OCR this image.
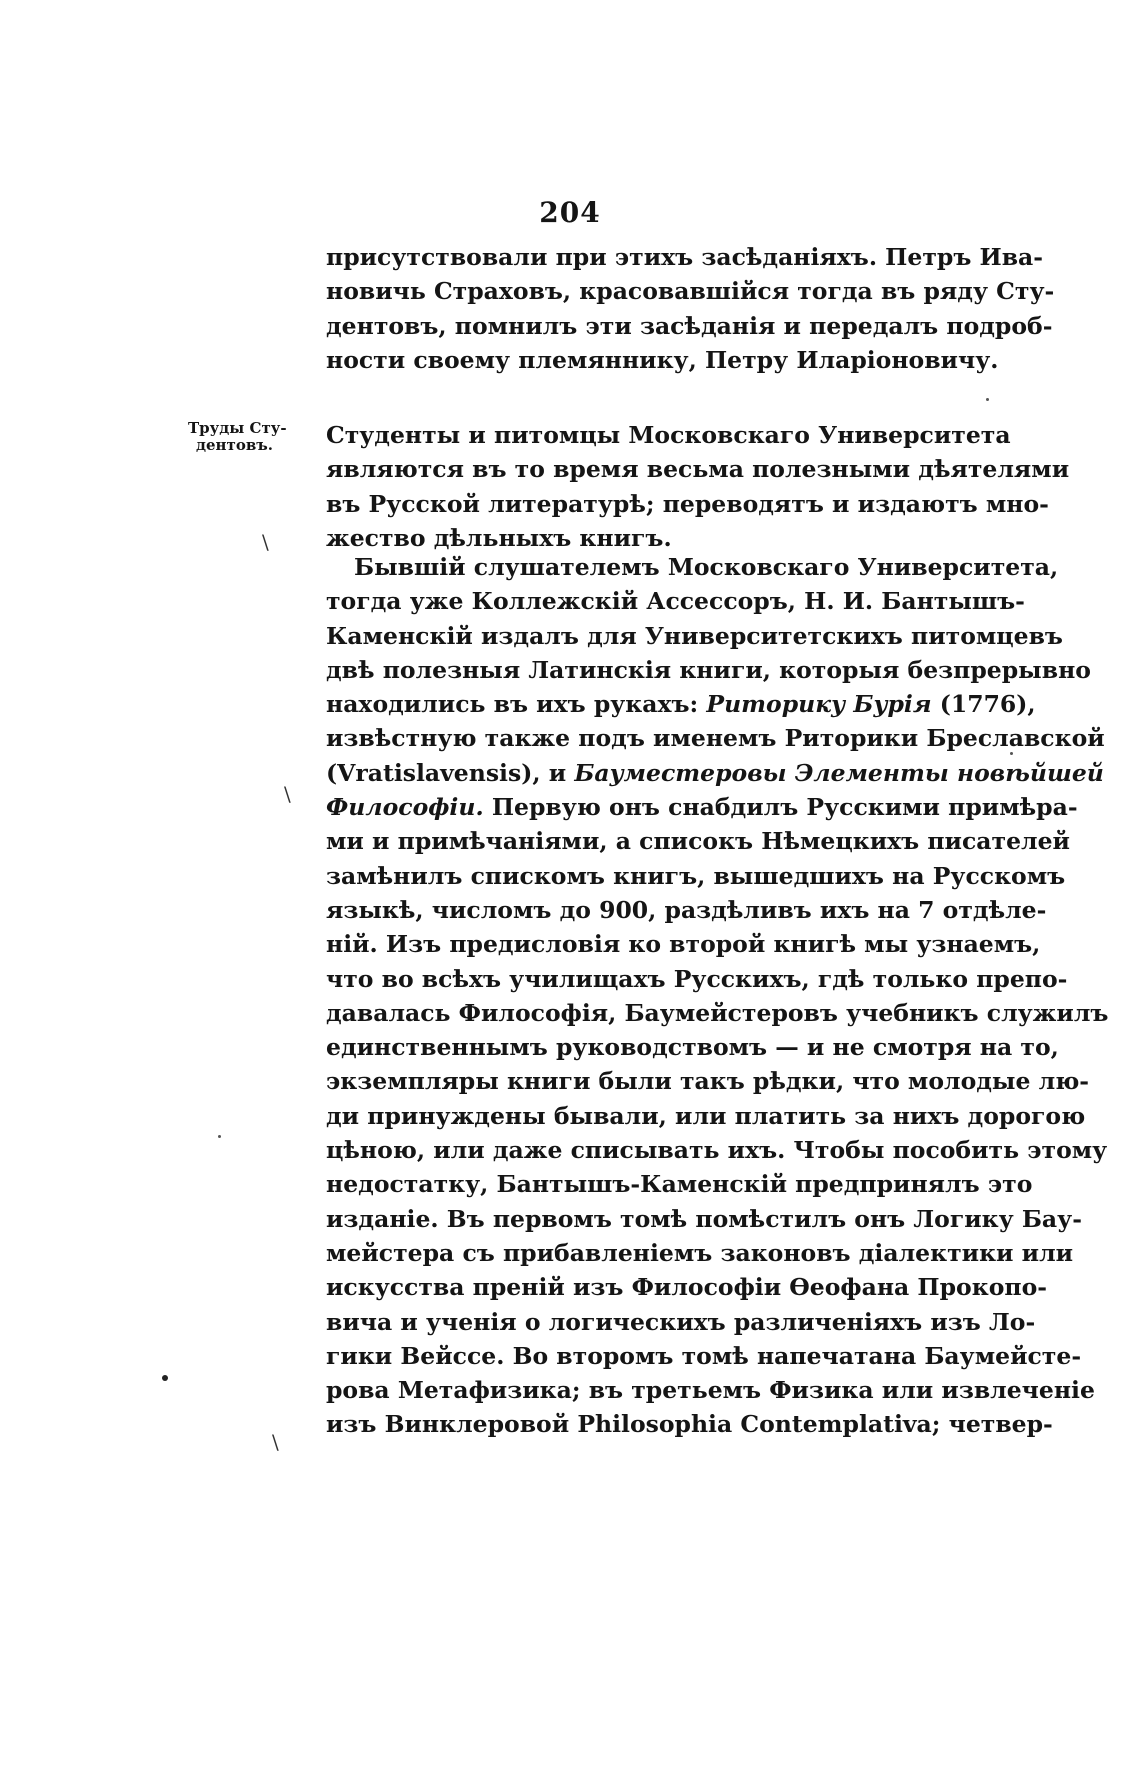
204
Труды Сту-
дентовъ.
присутствовали при этихъ засѣданіяхъ. Петръ Ива-
новичь Страховъ, красовавшійся тогда въ ряду Сту-
дентовъ, помнилъ эти засѣданія и передалъ подроб-
ности своему племяннику, Петру Иларіоновичу.
Студенты и питомцы Московскаго Университета
являются въ то время весьма полезными дѣятелями
въ Русской литературѣ; переводятъ и издаютъ мно-
жество дѣльныхъ книгъ.
Бывшій слушателемъ Московскаго Университета,
тогда уже Коллежскій Ассессоръ, Н. И. Бантышъ-
Каменскій издалъ для Университетскихъ питомцевъ
двѣ полезныя Латинскія книги, которыя безпрерывно
находились въ ихъ рукахъ: Риторику Бурія (1776),
извѣстную также подъ именемъ Риторики Бреславской
(Vratislavensis), и Бауместеровы Элементы новѣйшей
Философіи. Первую онъ снабдилъ Русскими примѣра-
ми и примѣчаніями, а списокъ Нѣмецкихъ писателей
замѣнилъ спискомъ книгъ, вышедшихъ на Русскомъ
языкѣ, числомъ до 900, раздѣливъ ихъ на 7 отдѣле-
ній. Изъ предисловія ко второй книгѣ мы узнаемъ,
что во всѣхъ училищахъ Русскихъ, гдѣ только препо-
давалась Философія, Баумейстеровъ учебникъ служилъ
единственнымъ руководствомъ — и не смотря на то,
экземпляры книги были такъ рѣдки, что молодые лю-
ди принуждены бывали, или платить за нихъ дорогою
цѣною, или даже списывать ихъ. Чтобы пособить этому
недостатку, Бантышъ-Каменскій предпринялъ это
изданіе. Въ первомъ томѣ помѣстилъ онъ Логику Бау-
мейстера съ прибавленіемъ законовъ діалектики или
искусства преній изъ Философіи Өеофана Прокопо-
вича и ученія о логическихъ различеніяхъ изъ Ло-
гики Вейссе. Во второмъ томѣ напечатана Баумейсте-
рова Метафизика; въ третьемъ Физика или извлеченіе
изъ Винклеровой Philosophia Contemplativa; четвер-
\
\
\
